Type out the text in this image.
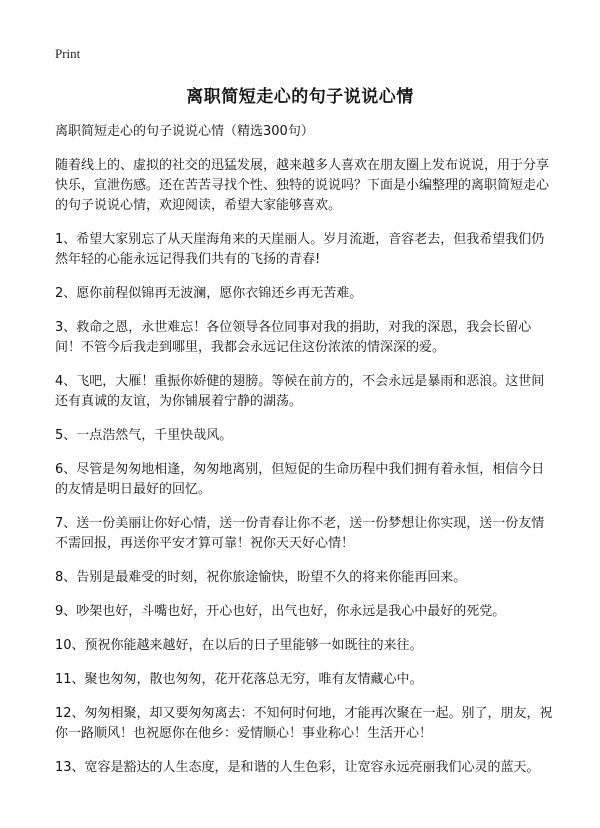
Print
离职简短走心的句子说说心情

离职简短走心的句子说说心情（精选300句）

随着线上的、虚拟的社交的迅猛发展，越来越多人喜欢在朋友圈上发布说说，用于分享快乐，宣泄伤感。还在苦苦寻找个性、独特的说说吗？下面是小编整理的离职简短走心的句子说说心情，欢迎阅读，希望大家能够喜欢。

1、希望大家别忘了从天崖海角来的天崖丽人。岁月流逝，音容老去，但我希望我们仍然年轻的心能永远记得我们共有的飞扬的青春!

2、愿你前程似锦再无波澜，愿你衣锦还乡再无苦难。

3、救命之恩，永世难忘！各位领导各位同事对我的捐助，对我的深恩，我会长留心间！不管今后我走到哪里，我都会永远记住这份浓浓的情深深的爱。

4、飞吧，大雁！重振你娇健的翅膀。等候在前方的，不会永远是暴雨和恶浪。这世间还有真诚的友谊，为你铺展着宁静的湖荡。

5、一点浩然气，千里快哉风。

6、尽管是匆匆地相逢，匆匆地离别，但短促的生命历程中我们拥有着永恒，相信今日的友情是明日最好的回忆。

7、送一份美丽让你好心情，送一份青春让你不老，送一份梦想让你实现，送一份友情不需回报，再送你平安才算可靠！祝你天天好心情！

8、告别是最难受的时刻，祝你旅途愉快，盼望不久的将来你能再回来。

9、吵架也好，斗嘴也好，开心也好，出气也好，你永远是我心中最好的死党。

10、预祝你能越来越好，在以后的日子里能够一如既往的来往。

11、聚也匆匆，散也匆匆，花开花落总无穷，唯有友情藏心中。

12、匆匆相聚，却又要匆匆离去：不知何时何地，才能再次聚在一起。别了，朋友，祝你一路顺风！也祝愿你在他乡：爱情顺心！事业称心！生活开心！

13、宽容是豁达的人生态度，是和谐的人生色彩，让宽容永远亮丽我们心灵的蓝天。
